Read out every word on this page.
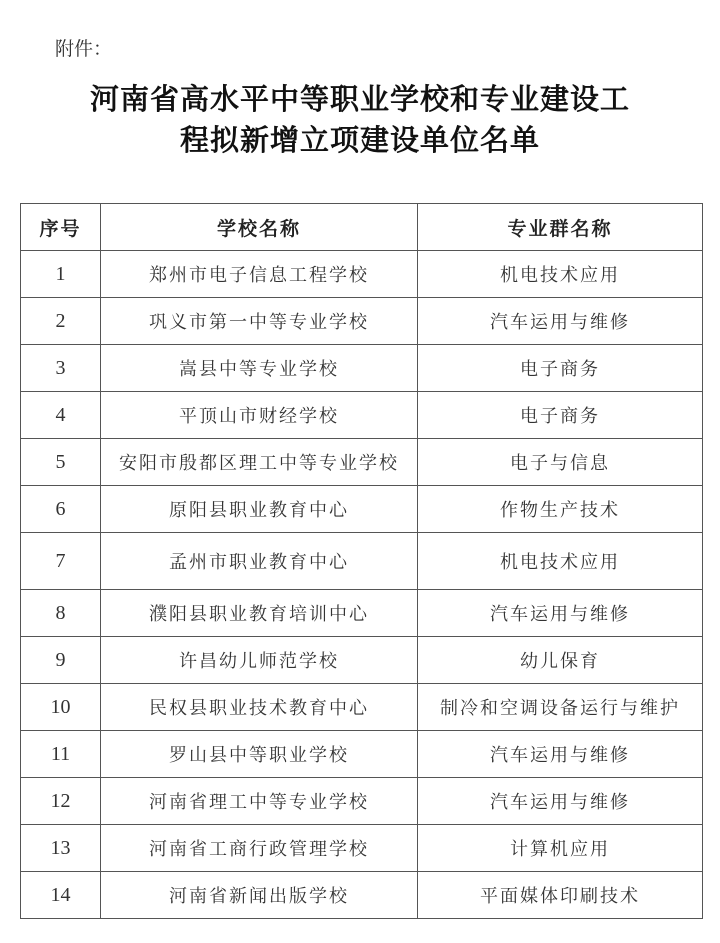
附件：
河南省高水平中等职业学校和专业建设工
程拟新增立项建设单位名单
序号	学校名称	专业群名称
1	郑州市电子信息工程学校	机电技术应用
2	巩义市第一中等专业学校	汽车运用与维修
3	嵩县中等专业学校	电子商务
4	平顶山市财经学校	电子商务
5	安阳市殷都区理工中等专业学校	电子与信息
6	原阳县职业教育中心	作物生产技术
7	孟州市职业教育中心	机电技术应用
8	濮阳县职业教育培训中心	汽车运用与维修
9	许昌幼儿师范学校	幼儿保育
10	民权县职业技术教育中心	制冷和空调设备运行与维护
11	罗山县中等职业学校	汽车运用与维修
12	河南省理工中等专业学校	汽车运用与维修
13	河南省工商行政管理学校	计算机应用
14	河南省新闻出版学校	平面媒体印刷技术
